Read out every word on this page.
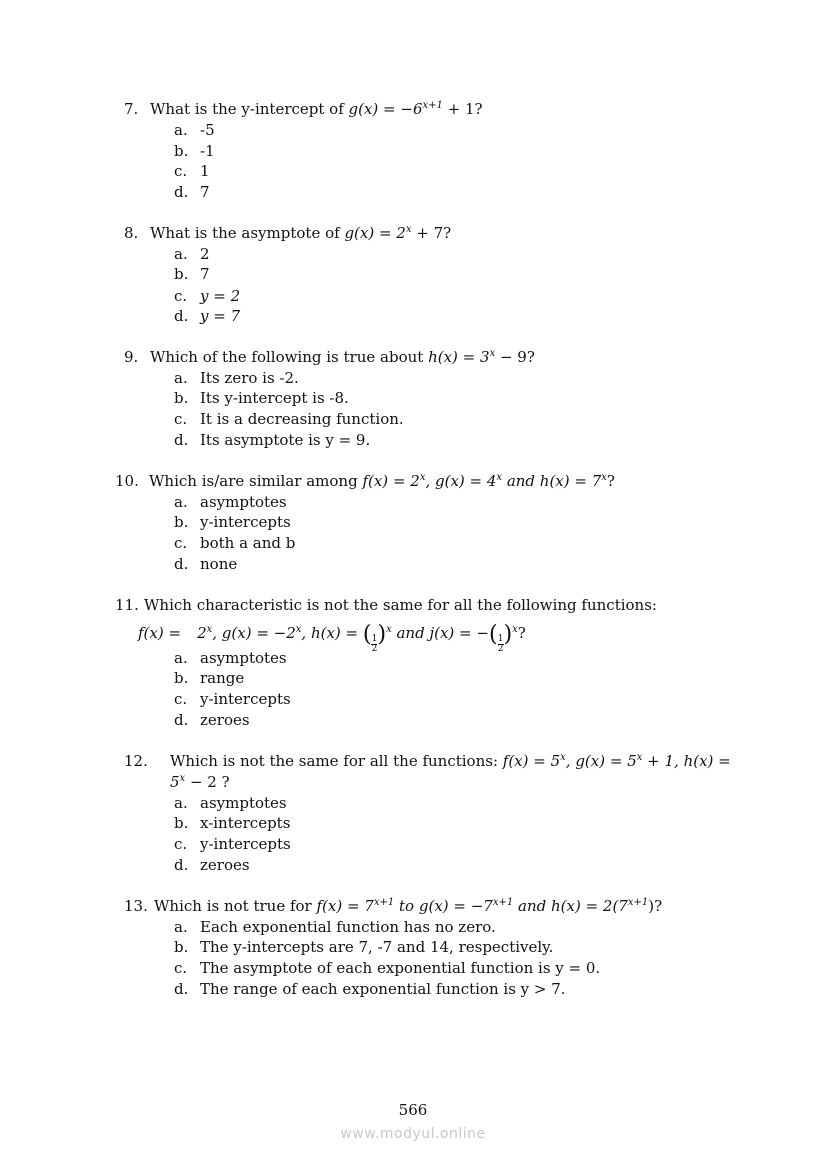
7. What is the y-intercept of $g(x) = -6^{x+1} + 1$?
a. -5
b. -1
c. 1
d. 7
8. What is the asymptote of $g(x) = 2^x + 7$?
a. 2
b. 7
c. y = 2
d. y = 7
9. Which of the following is true about $h(x) = 3^x - 9$?
a. Its zero is -2.
b. Its y-intercept is -8.
c. It is a decreasing function.
d. Its asymptote is y = 9.
10. Which is/are similar among $f(x) = 2^x$, $g(x) = 4^x$ and $h(x) = 7^x$?
a. asymptotes
b. y-intercepts
c. both a and b
d. none
11. Which characteristic is not the same for all the following functions:
$f(x) = 2^x$, $g(x) = -2^x$, h(x) = ( $\frac{1}{2} )^x$ and j(x) = −( $\frac{1}{2} )^x$?
a. asymptotes
b. range
c. y-intercepts
d. zeroes
12. Which is not the same for all the functions: $f(x) = 5^x$, $g(x) = 5^x + 1$, h(x) =
$5^x - 2$ ?
a. asymptotes
b. x-intercepts
c. y-intercepts
d. zeroes
13. Which is not true for $f(x) = 7^{x+1}$ to $g(x) = -7^{x+1}$ and $h(x) = 2(7^{x+1})$?
a. Each exponential function has no zero.
b. The y-intercepts are 7, -7 and 14, respectively.
c. The asymptote of each exponential function is y = 0.
d. The range of each exponential function is y > 7.
566
www.modyul.online
